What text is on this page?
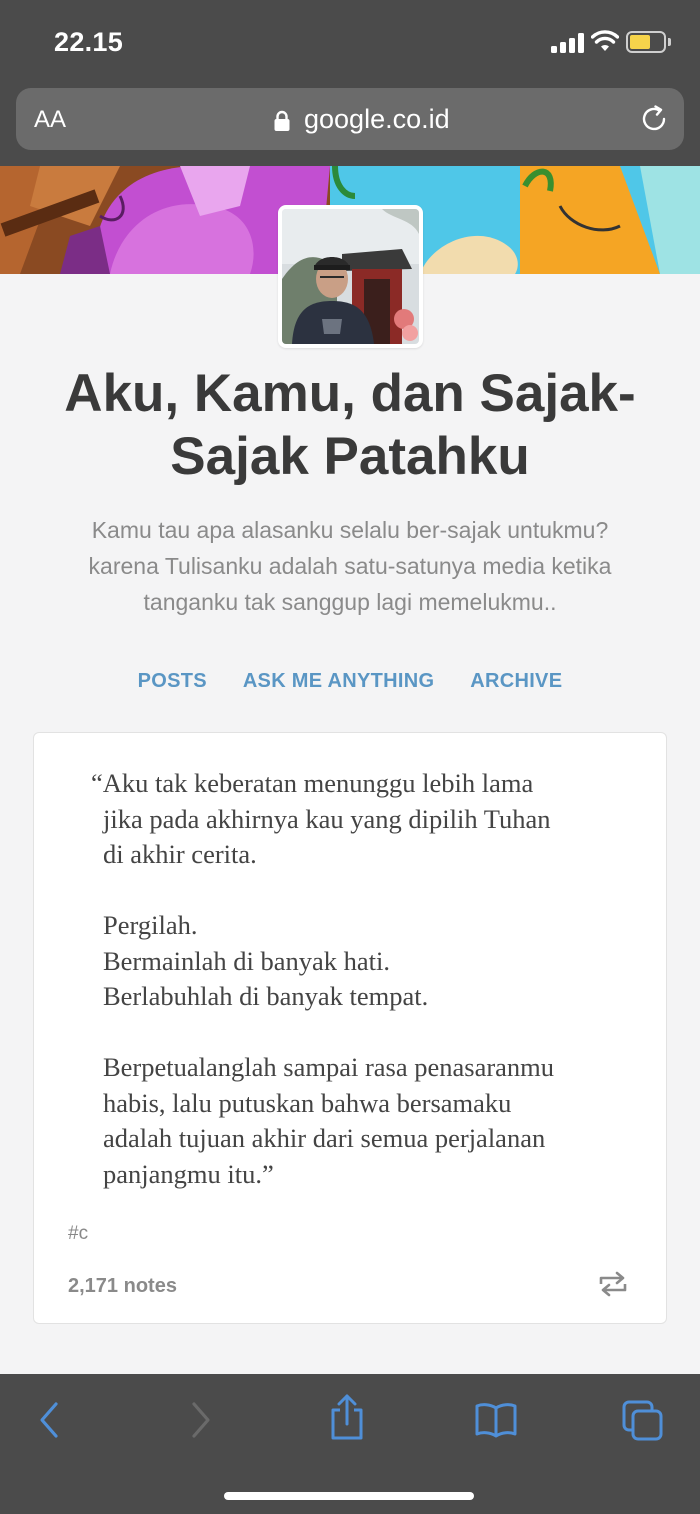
22.15
AA	google.co.id
Aku, Kamu, dan Sajak-Sajak Patahku
Kamu tau apa alasanku selalu ber-sajak untukmu? karena Tulisanku adalah satu-satunya media ketika tanganku tak sanggup lagi memelukmu..
POSTS ASK ME ANYTHING ARCHIVE

“Aku tak keberatan menunggu lebih lama
jika pada akhirnya kau yang dipilih Tuhan
di akhir cerita.

Pergilah.
Bermainlah di banyak hati.
Berlabuhlah di banyak tempat.

Berpetualanglah sampai rasa penasaranmu
habis, lalu putuskan bahwa bersamaku
adalah tujuan akhir dari semua perjalanan
panjangmu itu.”

#c
2,171 notes
